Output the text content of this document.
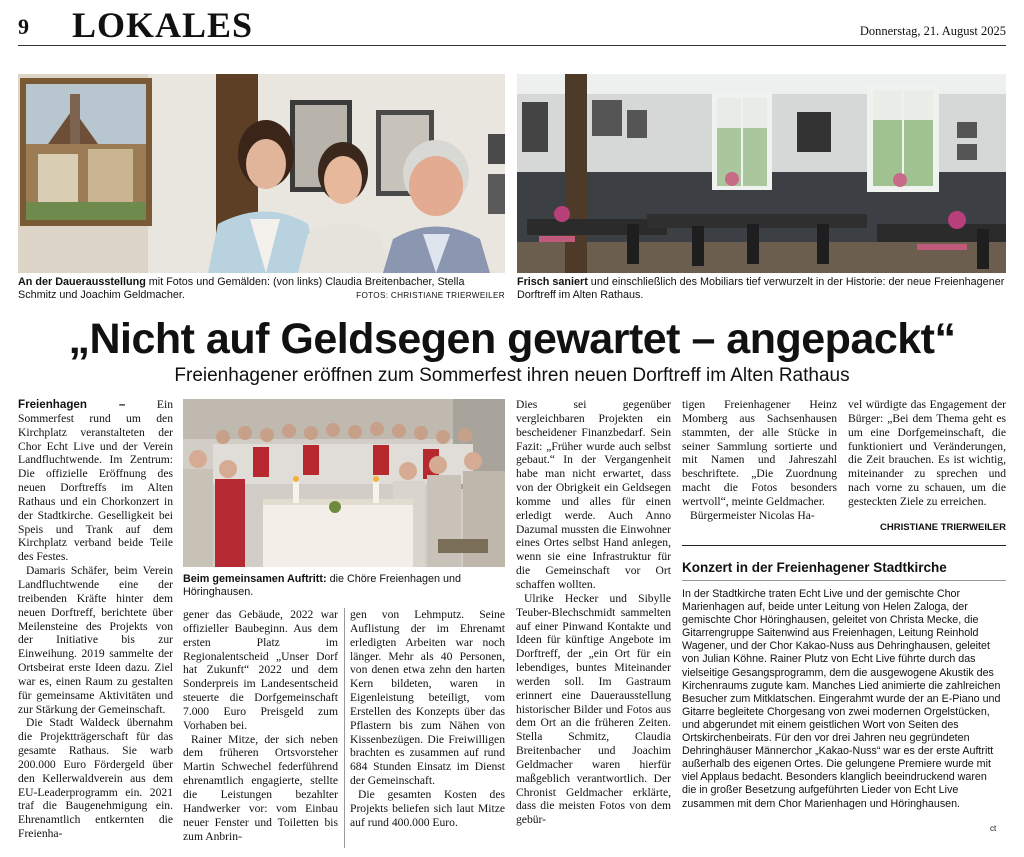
9 LOKALES	Donnerstag, 21. August 2025
An der Dauerausstellung mit Fotos und Gemälden: (von links) Claudia Breitenbacher, Stella Schmitz und Joachim Geldmacher.	FOTOS: CHRISTIANE TRIERWEILER
Frisch saniert und einschließlich des Mobiliars tief verwurzelt in der Historie: der neue Freienhagener Dorftreff im Alten Rathaus.
„Nicht auf Geldsegen gewartet – angepackt“
Freienhagener eröffnen zum Sommerfest ihren neuen Dorftreff im Alten Rathaus

Freienhagen – Ein Sommerfest rund um den Kirchplatz veranstalteten der Chor Echt Live und der Verein Landfluchtwende. Im Zentrum: Die offizielle Eröffnung des neuen Dorftreffs im Alten Rathaus und ein Chorkonzert in der Stadtkirche. Geselligkeit bei Speis und Trank auf dem Kirchplatz verband beide Teile des Festes.

Damaris Schäfer, beim Verein Landfluchtwende eine der treibenden Kräfte hinter dem neuen Dorftreff, berichtete über Meilensteine des Projekts von der Initiative bis zur Einweihung. 2019 sammelte der Ortsbeirat erste Ideen dazu. Ziel war es, einen Raum zu gestalten für gemeinsame Aktivitäten und zur Stärkung der Gemeinschaft.

Die Stadt Waldeck übernahm die Projektträgerschaft für das gesamte Rathaus. Sie warb 200.000 Euro Fördergeld über den Kellerwaldverein aus dem EU-Leaderprogramm ein. 2021 traf die Baugenehmigung ein. Ehrenamtlich entkernten die Freienha-

Beim gemeinsamen Auftritt: die Chöre Freienhagen und Höringhausen.

gener das Gebäude, 2022 war offizieller Baubeginn. Aus dem ersten Platz im Regionalentscheid „Unser Dorf hat Zukunft“ 2022 und dem Sonderpreis im Landesentscheid steuerte die Dorfgemeinschaft 7.000 Euro Preisgeld zum Vorhaben bei.

Rainer Mitze, der sich neben dem früheren Ortsvorsteher Martin Schwechel federführend ehrenamtlich engagierte, stellte die Leistungen bezahlter Handwerker vor: vom Einbau neuer Fenster und Toiletten bis zum Anbrin-

gen von Lehmputz. Seine Auflistung der im Ehrenamt erledigten Arbeiten war noch länger. Mehr als 40 Personen, von denen etwa zehn den harten Kern bildeten, waren in Eigenleistung beteiligt, vom Erstellen des Konzepts über das Pflastern bis zum Nähen von Kissenbezügen. Die Freiwilligen brachten es zusammen auf rund 684 Stunden Einsatz im Dienst der Gemeinschaft.

Die gesamten Kosten des Projekts beliefen sich laut Mitze auf rund 400.000 Euro.

Dies sei gegenüber vergleichbaren Projekten ein bescheidener Finanzbedarf. Sein Fazit: „Früher wurde auch selbst gebaut.“ In der Vergangenheit habe man nicht erwartet, dass von der Obrigkeit ein Geldsegen komme und alles für einen erledigt werde. Auch Anno Dazumal mussten die Einwohner eines Ortes selbst Hand anlegen, wenn sie eine Infrastruktur für die Gemeinschaft vor Ort schaffen wollten.

Ulrike Hecker und Sibylle Teuber-Blechschmidt sammelten auf einer Pinwand Kontakte und Ideen für künftige Angebote im Dorftreff, der „ein Ort für ein lebendiges, buntes Miteinander werden soll. Im Gastraum erinnert eine Dauerausstellung historischer Bilder und Fotos aus dem Ort an die früheren Zeiten. Stella Schmitz, Claudia Breitenbacher und Joachim Geldmacher waren hierfür maßgeblich verantwortlich. Der Chronist Geldmacher erklärte, dass die meisten Fotos von dem gebür-

tigen Freienhagener Heinz Momberg aus Sachsenhausen stammten, der alle Stücke in seiner Sammlung sortierte und mit Namen und Jahreszahl beschriftete. „Die Zuordnung macht die Fotos besonders wertvoll“, meinte Geldmacher.

Bürgermeister Nicolas Ha-

vel würdigte das Engagement der Bürger: „Bei dem Thema geht es um eine Dorfgemeinschaft, die funktioniert und Veränderungen, die Zeit brauchen. Es ist wichtig, miteinander zu sprechen und nach vorne zu schauen, um die gesteckten Ziele zu erreichen.

CHRISTIANE TRIERWEILER
Konzert in der Freienhagener Stadtkirche
In der Stadtkirche traten Echt Live und der gemischte Chor Marienhagen auf, beide unter Leitung von Helen Zaloga, der gemischte Chor Höringhausen, geleitet von Christa Mecke, die Gitarrengruppe Saitenwind aus Freienhagen, Leitung Reinhold Wagener, und der Chor Kakao-Nuss aus Dehringhausen, geleitet von Julian Köhne. Rainer Plutz von Echt Live führte durch das vielseitige Gesangsprogramm, dem die ausgewogene Akustik des Kirchenraums zugute kam. Manches Lied animierte die zahlreichen Besucher zum Mitklatschen. Eingerahmt wurde der an E-Piano und Gitarre begleitete Chorgesang von zwei modernen Orgelstücken, und abgerundet mit einem geistlichen Wort von Seiten des Ortskirchenbeirats. Für den vor drei Jahren neu gegründeten Dehringhäuser Männerchor „Kakao-Nuss“ war es der erste Auftritt außerhalb des eigenen Ortes. Die gelungene Premiere wurde mit viel Applaus bedacht. Besonders klanglich beeindruckend waren die in großer Besetzung aufgeführten Lieder von Echt Live zusammen mit dem Chor Marienhagen und Höringhausen.
ct
